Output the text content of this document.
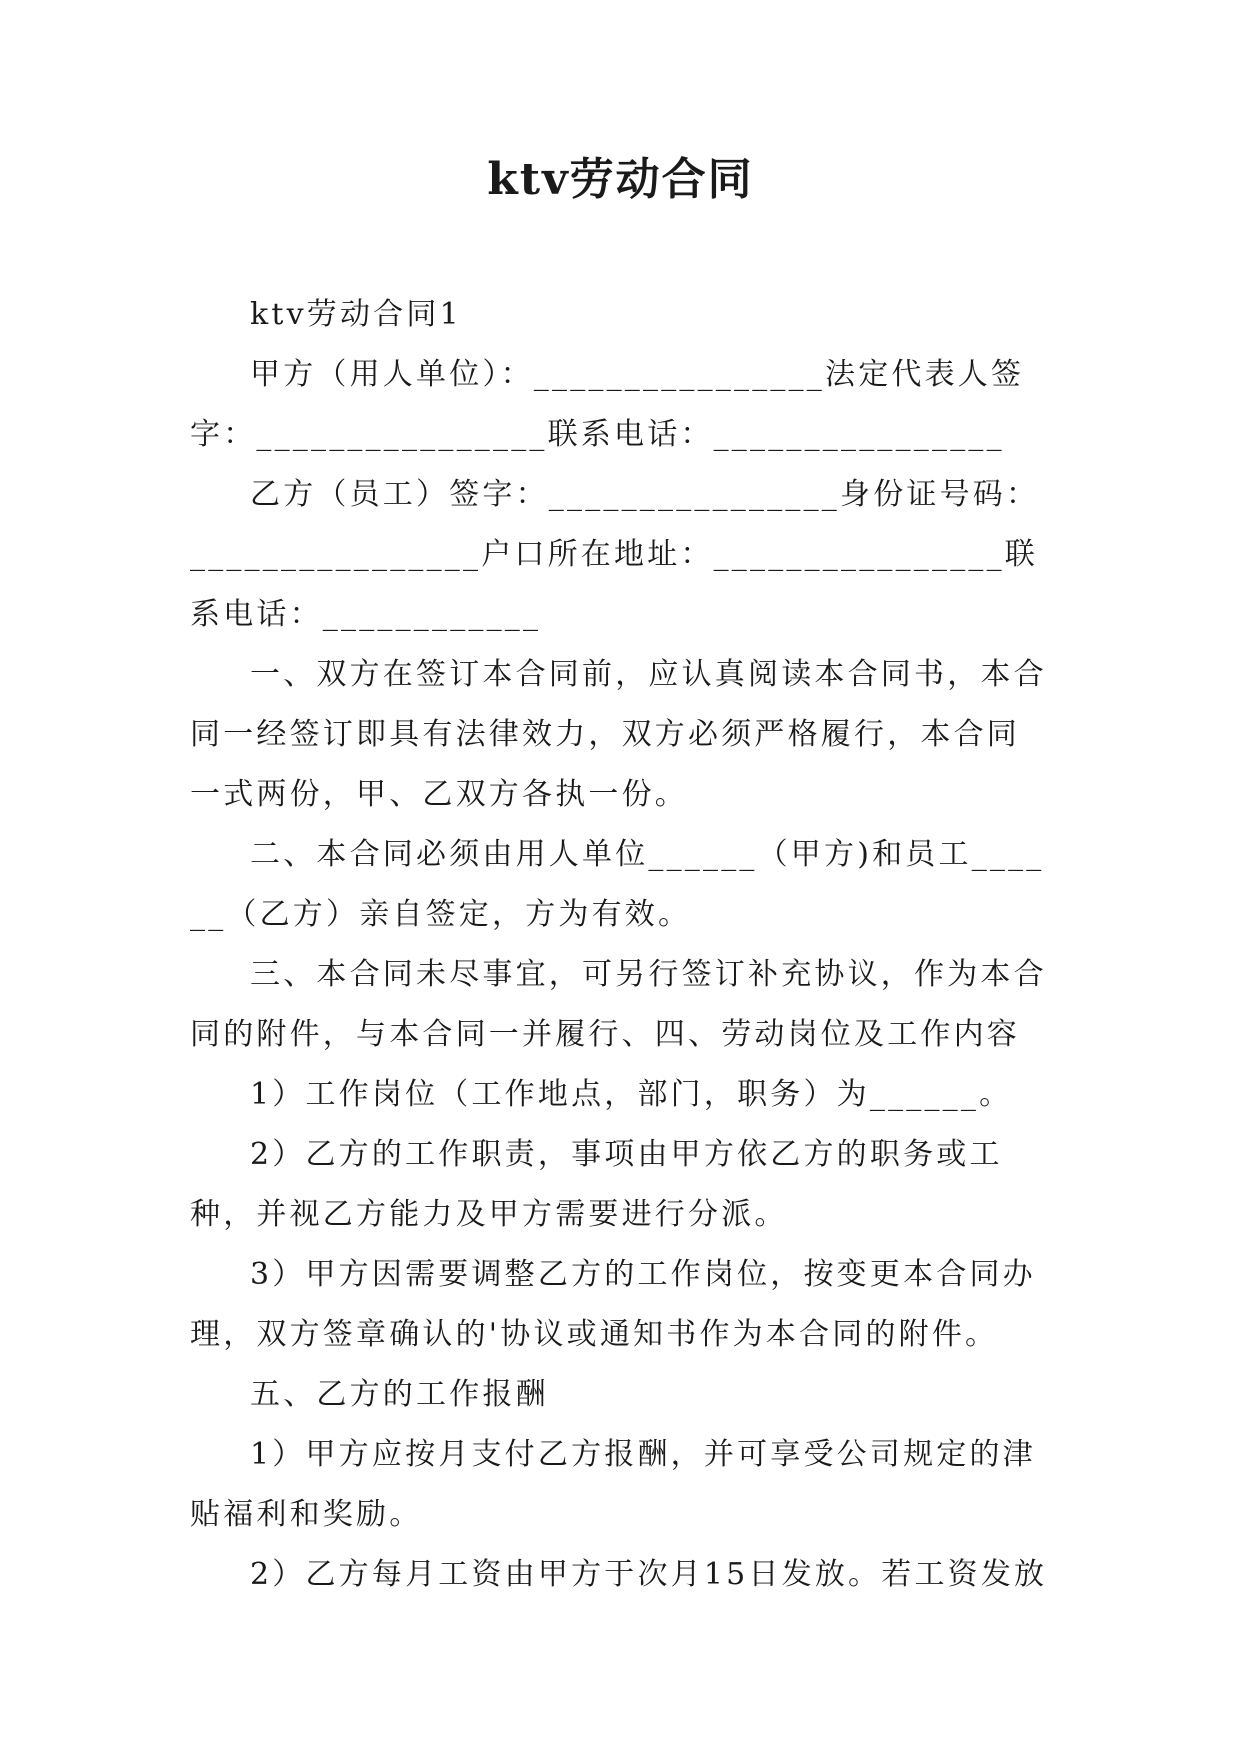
ktv劳动合同

ktv劳动合同1

甲方（用人单位）：________________法定代表人签字：________________联系电话：________________

乙方（员工）签字：________________身份证号码：________________户口所在地址：________________联系电话：____________

一、双方在签订本合同前，应认真阅读本合同书，本合同一经签订即具有法律效力，双方必须严格履行，本合同一式两份，甲、乙双方各执一份。

二、本合同必须由用人单位______（甲方)和员工______（乙方）亲自签定，方为有效。

三、本合同未尽事宜，可另行签订补充协议，作为本合同的附件，与本合同一并履行、四、劳动岗位及工作内容

1）工作岗位（工作地点，部门，职务）为______。

2）乙方的工作职责，事项由甲方依乙方的职务或工种，并视乙方能力及甲方需要进行分派。

3）甲方因需要调整乙方的工作岗位，按变更本合同办理，双方签章确认的'协议或通知书作为本合同的附件。

五、乙方的工作报酬

1）甲方应按月支付乙方报酬，并可享受公司规定的津贴福利和奖励。

2）乙方每月工资由甲方于次月15日发放。若工资发放
